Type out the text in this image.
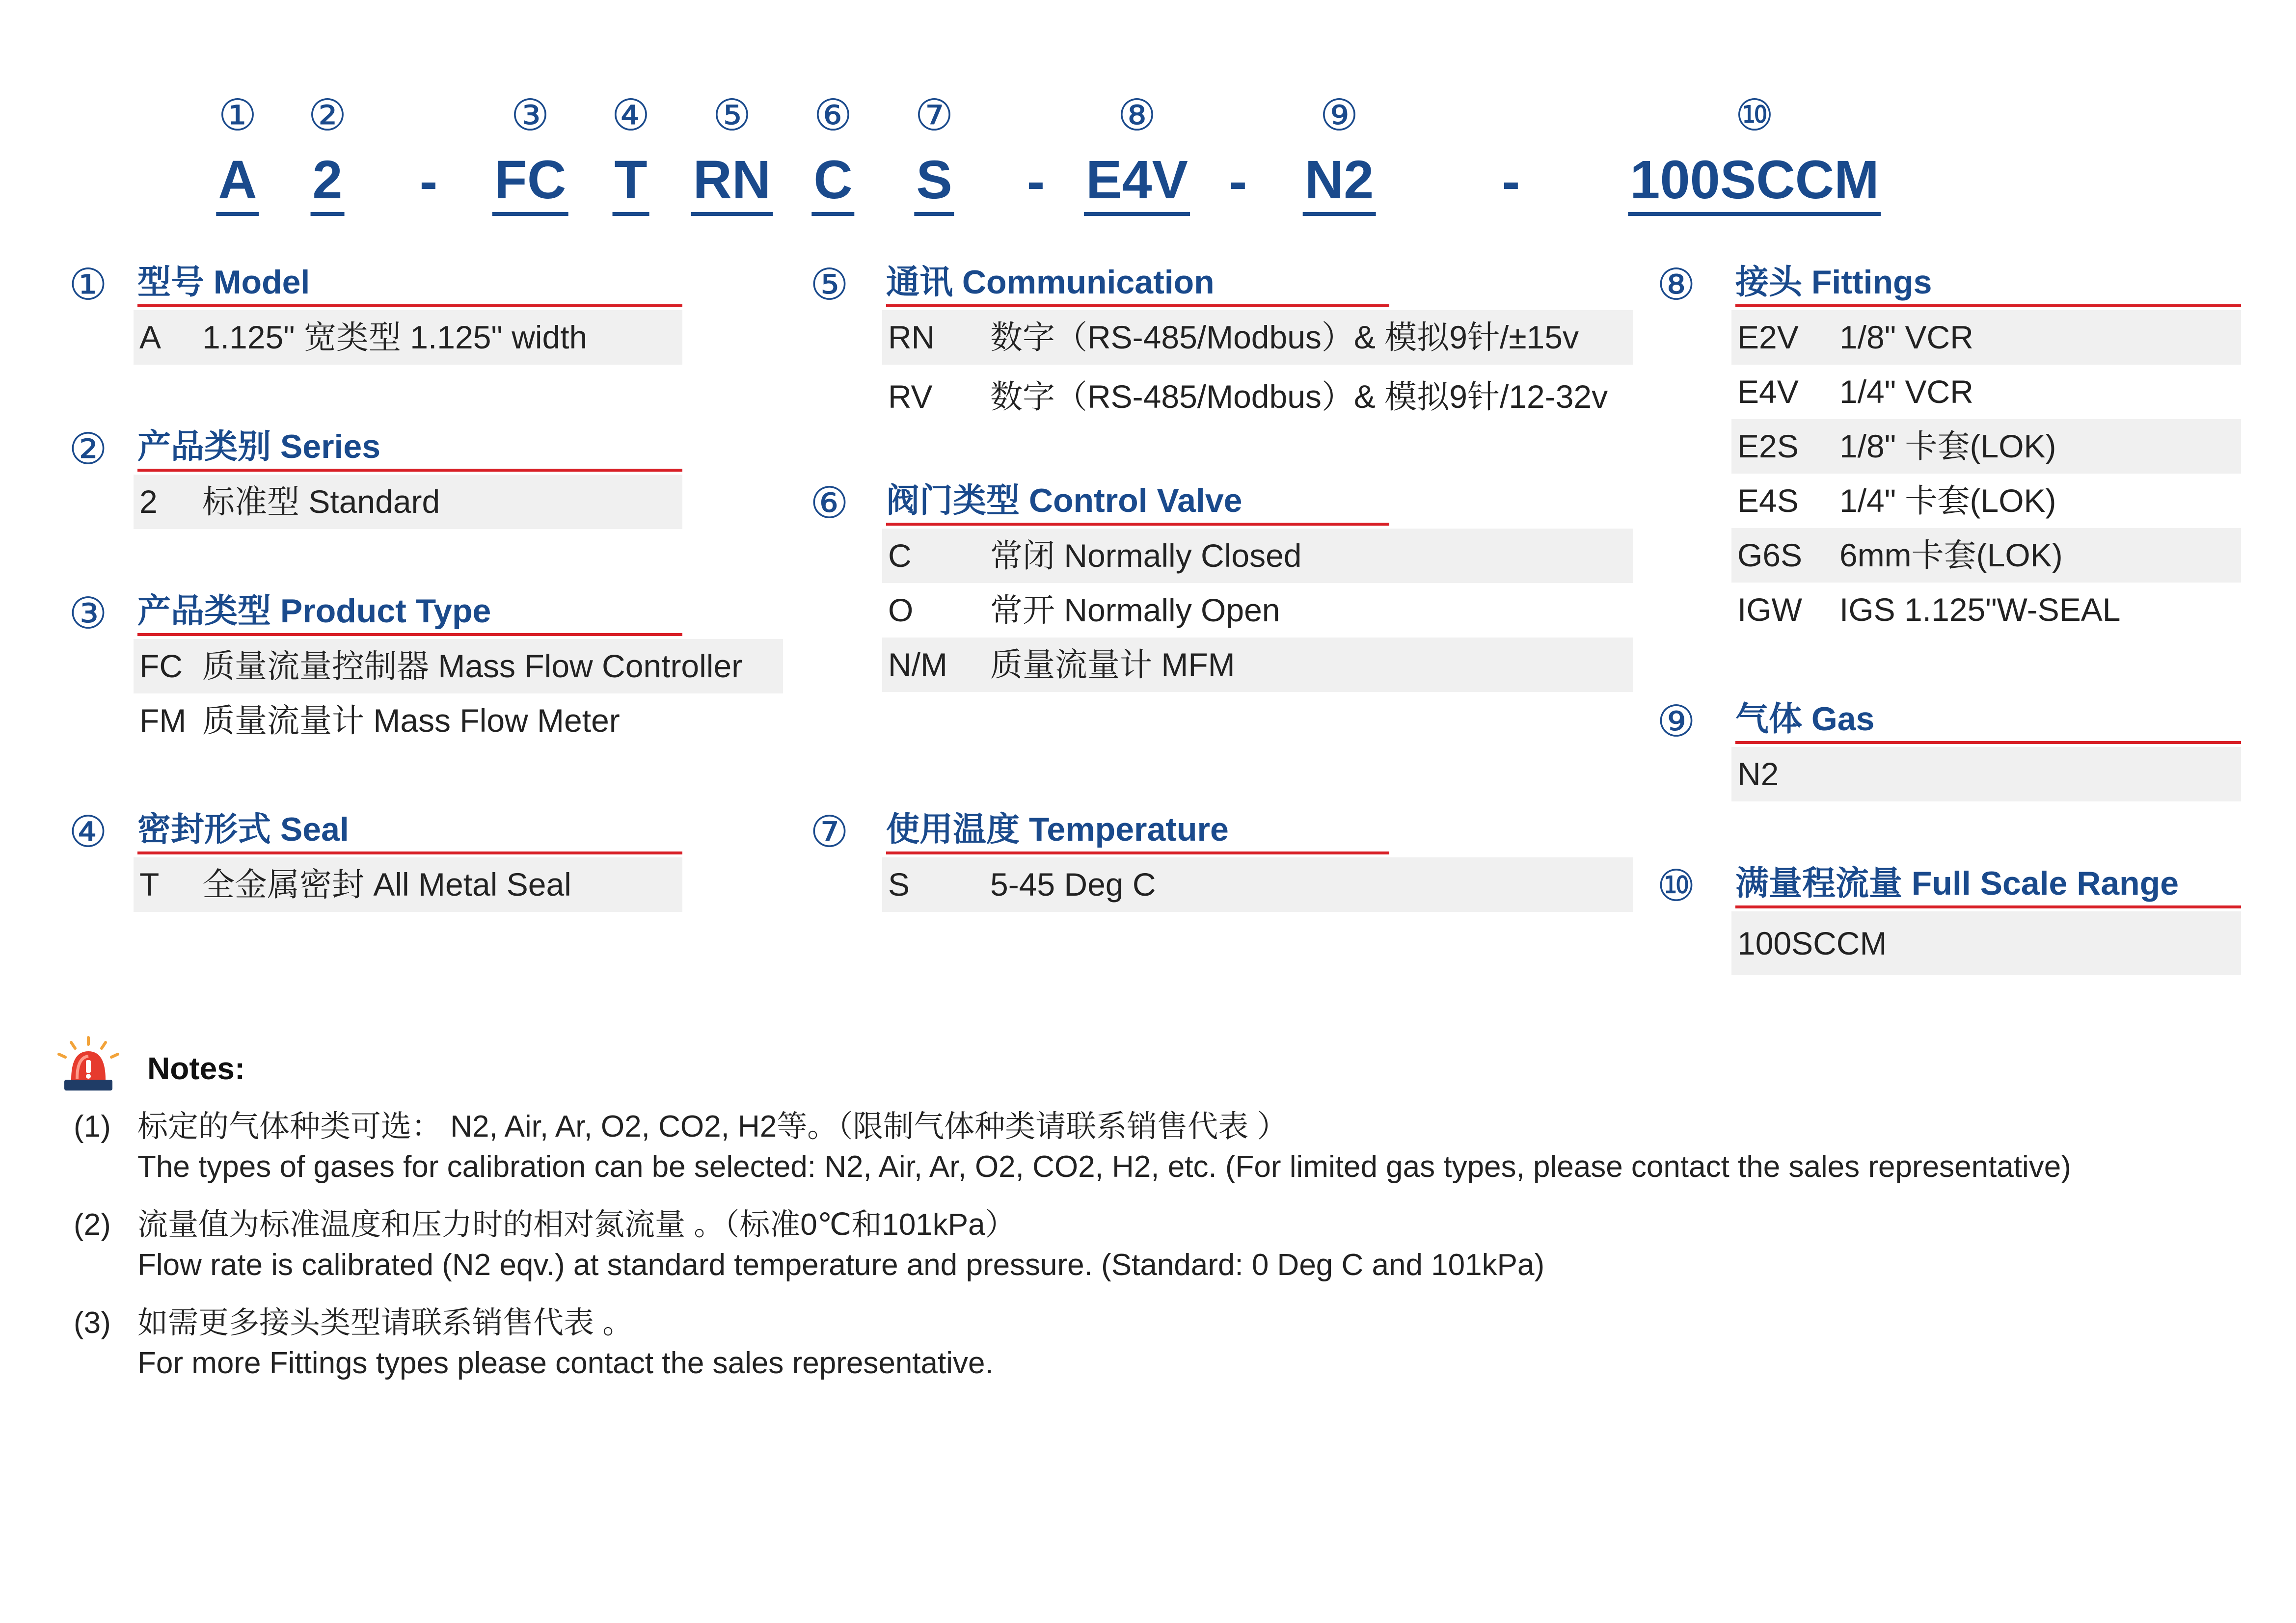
①
A
②
2 -
③
FC
④
T
⑤
RN
⑥
C
⑦
S -
⑧
E4V -
⑨
N2 -
⑩
100SCCM
① 型号 Model
A 1.125" 宽类型 1.125" width
② 产品类别 Series
2 标准型 Standard
③ 产品类型 Product Type
FC 质量流量控制器 Mass Flow Controller
FM 质量流量计 Mass Flow Meter
④ 密封形式 Seal
T 全金属密封 All Metal Seal
⑤ 通讯 Communication
RN 数字（RS-485/Modbus）& 模拟9针/±15v
RV 数字（RS-485/Modbus）& 模拟9针/12-32v
⑥ 阀门类型 Control Valve
C 常闭 Normally Closed
O 常开 Normally Open
N/M 质量流量计 MFM
⑦ 使用温度 Temperature
S 5-45 Deg C
⑧ 接头 Fittings
E2V 1/8" VCR
E4V 1/4" VCR
E2S 1/8" 卡套(LOK)
E4S 1/4" 卡套(LOK)
G6S 6mm卡套(LOK)
IGW IGS 1.125"W-SEAL
⑨ 气体 Gas
N2
⑩ 满量程流量 Full Scale Range
100SCCM
Notes:
(1) 标定的气体种类可选： N2, Air, Ar, O2, CO2, H2等。（限制气体种类请联系销售代表 ）
The types of gases for calibration can be selected: N2, Air, Ar, O2, CO2, H2, etc. (For limited gas types, please contact the sales representative)
(2) 流量值为标准温度和压力时的相对氮流量 。（标准0℃和101kPa）
Flow rate is calibrated (N2 eqv.) at standard temperature and pressure. (Standard: 0 Deg C and 101kPa)
(3) 如需更多接头类型请联系销售代表 。
For more Fittings types please contact the sales representative.
